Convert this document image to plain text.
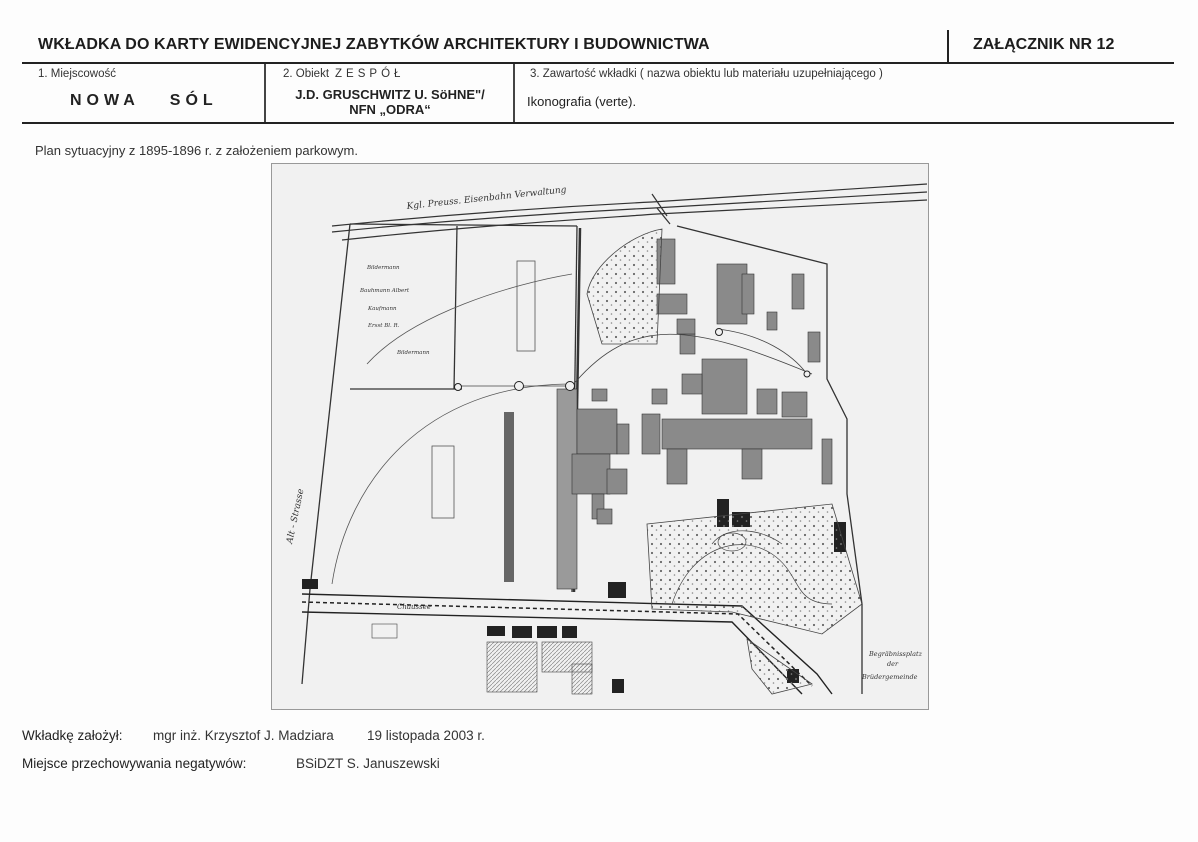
WKŁADKA DO KARTY EWIDENCYJNEJ ZABYTKÓW ARCHITEKTURY I BUDOWNICTWA	ZAŁĄCZNIK NR 12
1. Miejscowość
NOWA SÓL
2. Obiekt ZESPÓŁ
J.D. GRUSCHWITZ U. SöHNE"/
NFN „ODRA“
3. Zawartość wkładki ( nazwa obiektu lub materiału uzupełniającego )
Ikonografia (verte).
Plan sytuacyjny z 1895-1896 r. z założeniem parkowym.
Kgl. Preuss. Eisenbahn Verwaltung
Alt - Strasse
Chaussee
Begräbnissplatz
der
Brüdergemeinde
Bildermann
Bauhmann Albert
Kaufmann
Ersst Bl. R.
Bildermann
Wkładkę założył: mgr inż. Krzysztof J. Madziara 19 listopada 2003 r.
Miejsce przechowywania negatywów:	BSiDZT S. Januszewski
